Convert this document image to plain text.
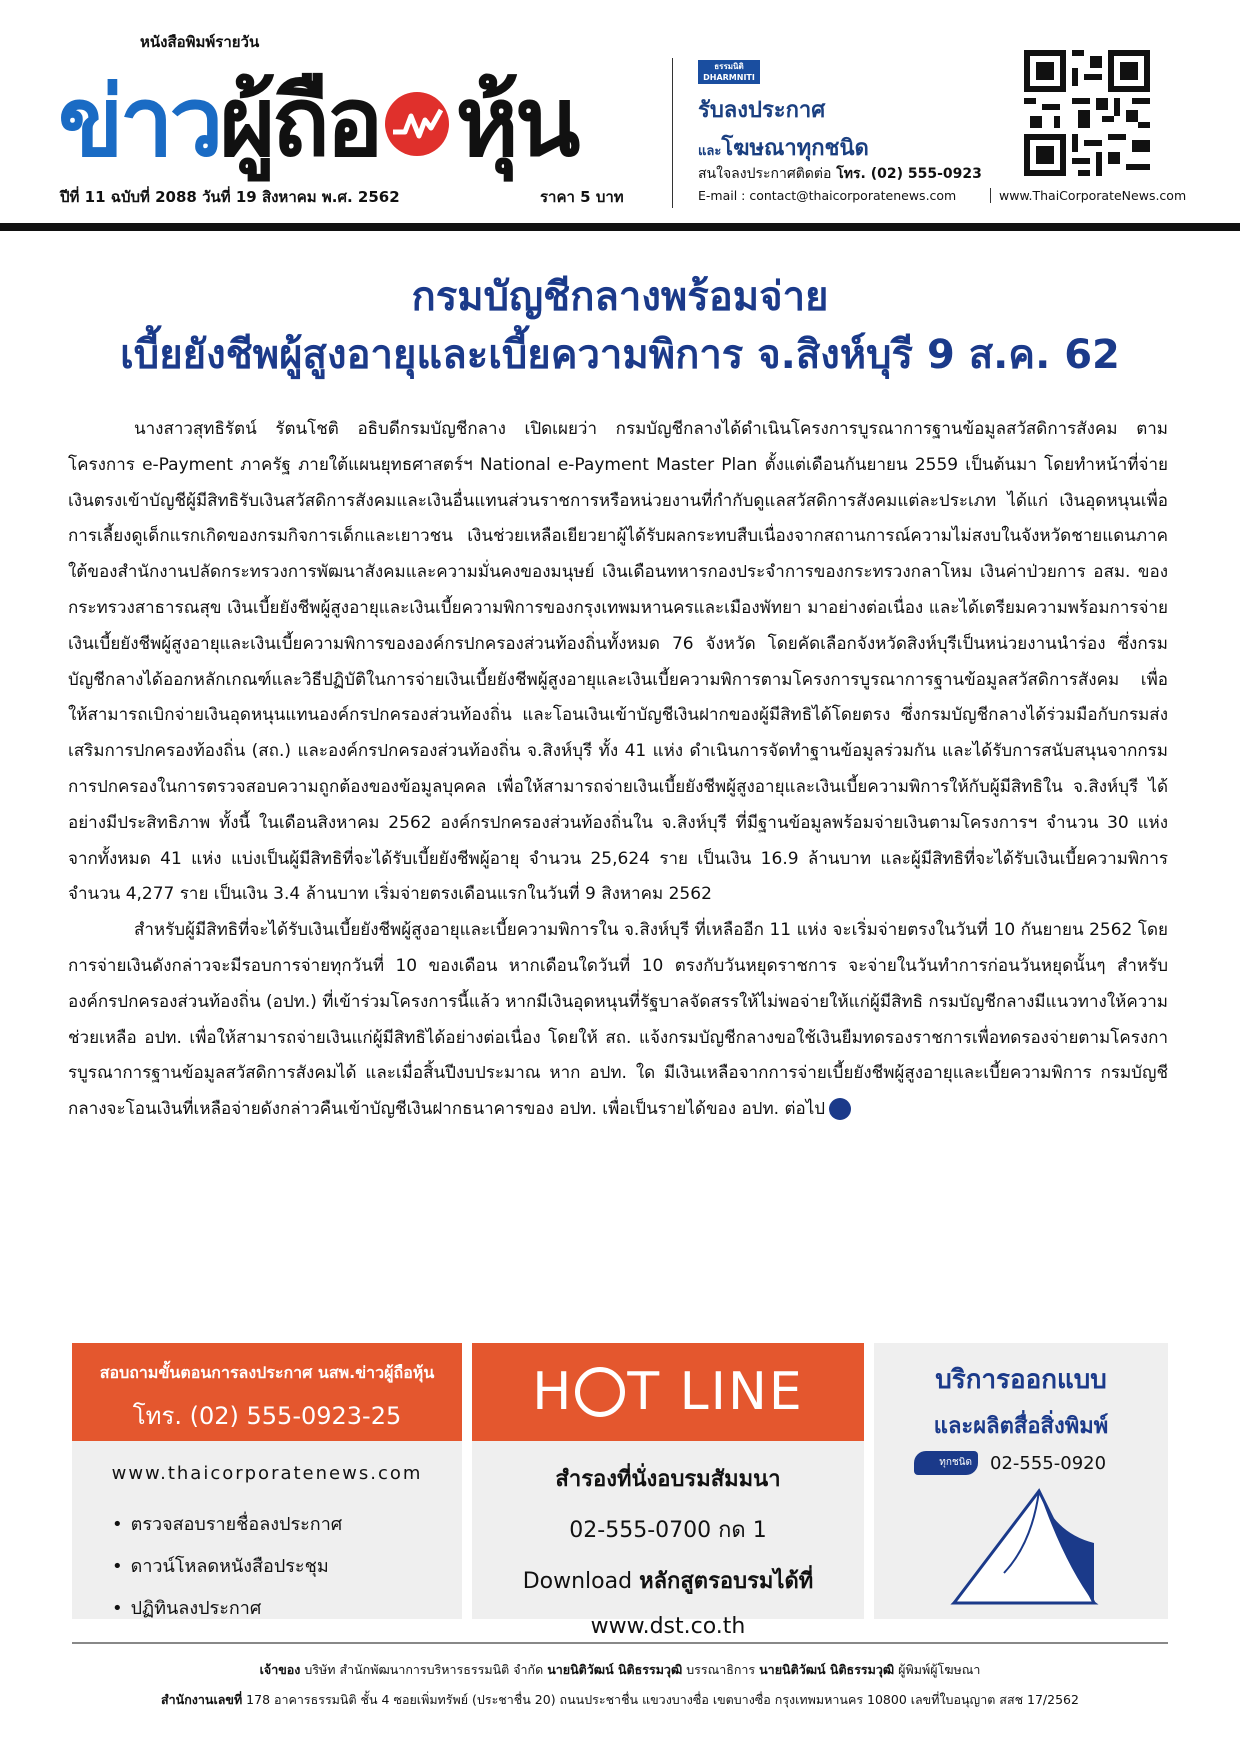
หนังสือพิมพ์รายวัน
ข่าว ผู้ถือ หุ้น
ปีที่ 11 ฉบับที่ 2088 วันที่ 19 สิงหาคม พ.ศ. 2562	ราคา 5 บาท
ธรรมนิติ
DHARMNITI
รับลงประกาศ
และโฆษณาทุกชนิด
สนใจลงประกาศติดต่อ โทร. (02) 555-0923
E-mail : contact@thaicorporatenews.com	www.ThaiCorporateNews.com
กรมบัญชีกลางพร้อมจ่าย
เบี้ยยังชีพผู้สูงอายุและเบี้ยความพิการ จ.สิงห์บุรี 9 ส.ค. 62

นางสาวสุทธิรัตน์ รัตนโชติ อธิบดีกรมบัญชีกลาง เปิดเผยว่า กรมบัญชีกลางได้ดำเนินโครงการบูรณาการฐานข้อมูลสวัสดิการสังคม ตามโครงการ e-Payment ภาครัฐ ภายใต้แผนยุทธศาสตร์ฯ National e-Payment Master Plan ตั้งแต่เดือนกันยายน 2559 เป็นต้นมา โดยทำหน้าที่จ่ายเงินตรงเข้าบัญชีผู้มีสิทธิรับเงินสวัสดิการสังคมและเงินอื่นแทนส่วนราชการหรือหน่วยงานที่กำกับดูแลสวัสดิการสังคมแต่ละประเภท ได้แก่ เงินอุดหนุนเพื่อการเลี้ยงดูเด็กแรกเกิดของกรมกิจการเด็กและเยาวชน เงินช่วยเหลือเยียวยาผู้ได้รับผลกระทบสืบเนื่องจากสถานการณ์ความไม่สงบในจังหวัดชายแดนภาคใต้ของสำนักงานปลัดกระทรวงการพัฒนาสังคมและความมั่นคงของมนุษย์ เงินเดือนทหารกองประจำการของกระทรวงกลาโหม เงินค่าป่วยการ อสม. ของกระทรวงสาธารณสุข เงินเบี้ยยังชีพผู้สูงอายุและเงินเบี้ยความพิการของกรุงเทพมหานครและเมืองพัทยา มาอย่างต่อเนื่อง และได้เตรียมความพร้อมการจ่ายเงินเบี้ยยังชีพผู้สูงอายุและเงินเบี้ยความพิการขององค์กรปกครองส่วนท้องถิ่นทั้งหมด 76 จังหวัด โดยคัดเลือกจังหวัดสิงห์บุรีเป็นหน่วยงานนำร่อง ซึ่งกรมบัญชีกลางได้ออกหลักเกณฑ์และวิธีปฏิบัติในการจ่ายเงินเบี้ยยังชีพผู้สูงอายุและเงินเบี้ยความพิการตามโครงการบูรณาการฐานข้อมูลสวัสดิการสังคม เพื่อให้สามารถเบิกจ่ายเงินอุดหนุนแทนองค์กรปกครองส่วนท้องถิ่น และโอนเงินเข้าบัญชีเงินฝากของผู้มีสิทธิได้โดยตรง ซึ่งกรมบัญชีกลางได้ร่วมมือกับกรมส่งเสริมการปกครองท้องถิ่น (สถ.) และองค์กรปกครองส่วนท้องถิ่น จ.สิงห์บุรี ทั้ง 41 แห่ง ดำเนินการจัดทำฐานข้อมูลร่วมกัน และได้รับการสนับสนุนจากกรมการปกครองในการตรวจสอบความถูกต้องของข้อมูลบุคคล เพื่อให้สามารถจ่ายเงินเบี้ยยังชีพผู้สูงอายุและเงินเบี้ยความพิการให้กับผู้มีสิทธิใน จ.สิงห์บุรี ได้อย่างมีประสิทธิภาพ ทั้งนี้ ในเดือนสิงหาคม 2562 องค์กรปกครองส่วนท้องถิ่นใน จ.สิงห์บุรี ที่มีฐานข้อมูลพร้อมจ่ายเงินตามโครงการฯ จำนวน 30 แห่ง จากทั้งหมด 41 แห่ง แบ่งเป็นผู้มีสิทธิที่จะได้รับเบี้ยยังชีพผู้อายุ จำนวน 25,624 ราย เป็นเงิน 16.9 ล้านบาท และผู้มีสิทธิที่จะได้รับเงินเบี้ยความพิการ จำนวน 4,277 ราย เป็นเงิน 3.4 ล้านบาท เริ่มจ่ายตรงเดือนแรกในวันที่ 9 สิงหาคม 2562

สำหรับผู้มีสิทธิที่จะได้รับเงินเบี้ยยังชีพผู้สูงอายุและเบี้ยความพิการใน จ.สิงห์บุรี ที่เหลืออีก 11 แห่ง จะเริ่มจ่ายตรงในวันที่ 10 กันยายน 2562 โดยการจ่ายเงินดังกล่าวจะมีรอบการจ่ายทุกวันที่ 10 ของเดือน หากเดือนใดวันที่ 10 ตรงกับวันหยุดราชการ จะจ่ายในวันทำการก่อนวันหยุดนั้นๆ สำหรับองค์กรปกครองส่วนท้องถิ่น (อปท.) ที่เข้าร่วมโครงการนี้แล้ว หากมีเงินอุดหนุนที่รัฐบาลจัดสรรให้ไม่พอจ่ายให้แก่ผู้มีสิทธิ กรมบัญชีกลางมีแนวทางให้ความช่วยเหลือ อปท. เพื่อให้สามารถจ่ายเงินแก่ผู้มีสิทธิได้อย่างต่อเนื่อง โดยให้ สถ. แจ้งกรมบัญชีกลางขอใช้เงินยืมทดรองราชการเพื่อทดรองจ่ายตามโครงการบูรณาการฐานข้อมูลสวัสดิการสังคมได้ และเมื่อสิ้นปีงบประมาณ หาก อปท. ใด มีเงินเหลือจากการจ่ายเบี้ยยังชีพผู้สูงอายุและเบี้ยความพิการ กรมบัญชีกลางจะโอนเงินที่เหลือจ่ายดังกล่าวคืนเข้าบัญชีเงินฝากธนาคารของ อปท. เพื่อเป็นรายได้ของ อปท. ต่อไป

สอบถามขั้นตอนการลงประกาศ นสพ.ข่าวผู้ถือหุ้น
โทร. (02) 555-0923-25
www.thaicorporatenews.com
• ตรวจสอบรายชื่อลงประกาศ
• ดาวน์โหลดหนังสือประชุม
• ปฏิทินลงประกาศ
H T LINE
สำรองที่นั่งอบรมสัมมนา
02-555-0700 กด 1
Download หลักสูตรอบรมได้ที่
www.dst.co.th
บริการออกแบบ
และผลิตสื่อสิ่งพิมพ์
ทุกชนิด	02-555-0920
เจ้าของ บริษัท สำนักพัฒนาการบริหารธรรมนิติ จำกัด นายนิติวัฒน์ นิติธรรมวุฒิ บรรณาธิการ นายนิติวัฒน์ นิติธรรมวุฒิ ผู้พิมพ์ผู้โฆษณา
สำนักงานเลขที่ 178 อาคารธรรมนิติ ชั้น 4 ซอยเพิ่มทรัพย์ (ประชาชื่น 20) ถนนประชาชื่น แขวงบางซื่อ เขตบางซื่อ กรุงเทพมหานคร 10800 เลขที่ใบอนุญาต สสช 17/2562
